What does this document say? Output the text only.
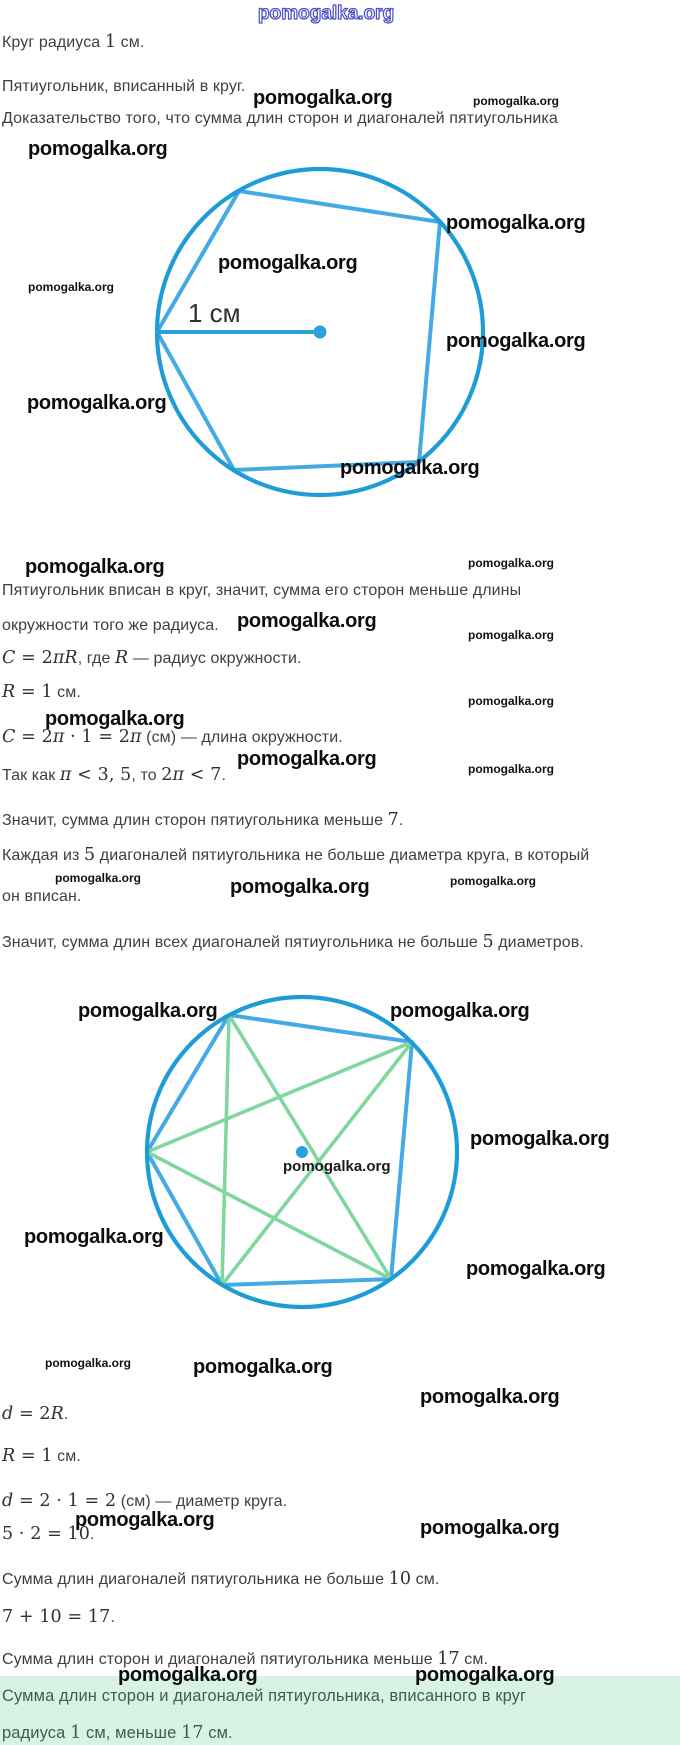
1 см
Круг радиуса 1 см.
Пятиугольник, вписанный в круг.
Доказательство того, что сумма длин сторон и диагоналей пятиугольника
Пятиугольник вписан в круг, значит, сумма его сторон меньше длины
окружности того же радиуса.
C = 2πR, где R — радиус окружности.
R = 1 см.
C = 2π · 1 = 2π (см) — длина окружности.
Так как π < 3, 5, то 2π < 7.
Значит, сумма длин сторон пятиугольника меньше 7.
Каждая из 5 диагоналей пятиугольника не больше диаметра круга, в который
он вписан.
Значит, сумма длин всех диагоналей пятиугольника не больше 5 диаметров.
d = 2R.
R = 1 см.
d = 2 · 1 = 2 (см) — диаметр круга.
5 · 2 = 10.
Сумма длин диагоналей пятиугольника не больше 10 см.
7 + 10 = 17.
Сумма длин сторон и диагоналей пятиугольника меньше 17 см.
Сумма длин сторон и диагоналей пятиугольника, вписанного в круг
радиуса 1 см, меньше 17 см.
pomogalka.org
pomogalka.org	pomogalka.org
pomogalka.org
pomogalka.org
pomogalka.org
pomogalka.org
pomogalka.org
pomogalka.org
pomogalka.org
pomogalka.org	pomogalka.org
pomogalka.org
pomogalka.org
pomogalka.org
pomogalka.org
pomogalka.org	pomogalka.org
pomogalka.org	pomogalka.org	pomogalka.org
pomogalka.org	pomogalka.org
pomogalka.org
pomogalka.org
pomogalka.org
pomogalka.org
pomogalka.org	pomogalka.org
pomogalka.org
pomogalka.org	pomogalka.org
pomogalka.org	pomogalka.org
